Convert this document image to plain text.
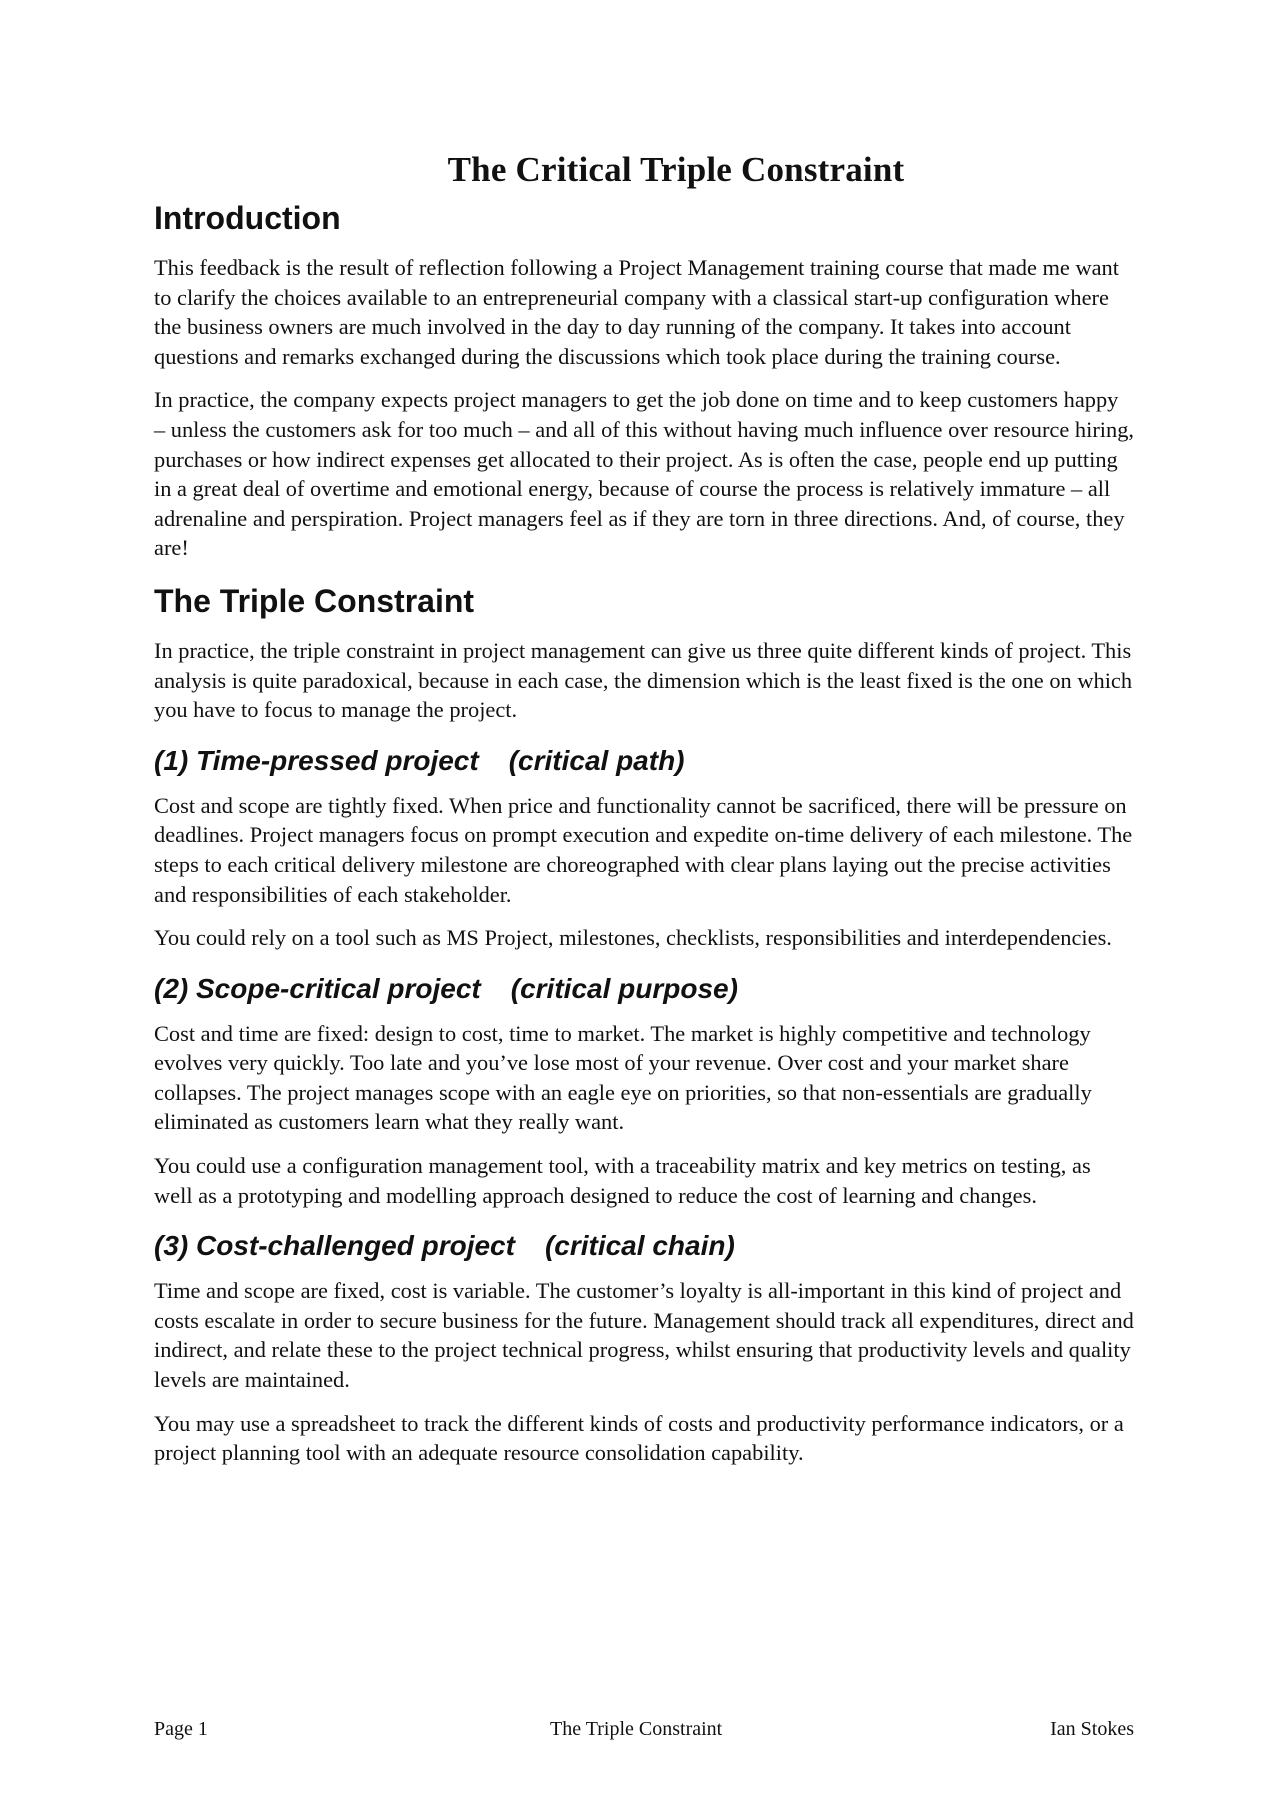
The Critical Triple Constraint
Introduction

This feedback is the result of reflection following a Project Management training course that made me want to clarify the choices available to an entrepreneurial company with a classical start-up configuration where the business owners are much involved in the day to day running of the company. It takes into account questions and remarks exchanged during the discussions which took place during the training course.

In practice, the company expects project managers to get the job done on time and to keep customers happy – unless the customers ask for too much – and all of this without having much influence over resource hiring, purchases or how indirect expenses get allocated to their project. As is often the case, people end up putting in a great deal of overtime and emotional energy, because of course the process is relatively immature – all adrenaline and perspiration. Project managers feel as if they are torn in three directions. And, of course, they are!

The Triple Constraint

In practice, the triple constraint in project management can give us three quite different kinds of project. This analysis is quite paradoxical, because in each case, the dimension which is the least fixed is the one on which you have to focus to manage the project.

(1) Time-pressed project (critical path)

Cost and scope are tightly fixed. When price and functionality cannot be sacrificed, there will be pressure on deadlines. Project managers focus on prompt execution and expedite on-time delivery of each milestone. The steps to each critical delivery milestone are choreographed with clear plans laying out the precise activities and responsibilities of each stakeholder.

You could rely on a tool such as MS Project, milestones, checklists, responsibilities and interdependencies.

(2) Scope-critical project (critical purpose)

Cost and time are fixed: design to cost, time to market. The market is highly competitive and technology evolves very quickly. Too late and you’ve lose most of your revenue. Over cost and your market share collapses. The project manages scope with an eagle eye on priorities, so that non-essentials are gradually eliminated as customers learn what they really want.

You could use a configuration management tool, with a traceability matrix and key metrics on testing, as well as a prototyping and modelling approach designed to reduce the cost of learning and changes.

(3) Cost-challenged project (critical chain)

Time and scope are fixed, cost is variable. The customer’s loyalty is all-important in this kind of project and costs escalate in order to secure business for the future. Management should track all expenditures, direct and indirect, and relate these to the project technical progress, whilst ensuring that productivity levels and quality levels are maintained.

You may use a spreadsheet to track the different kinds of costs and productivity performance indicators, or a project planning tool with an adequate resource consolidation capability.

Page 1	The Triple Constraint	Ian Stokes
